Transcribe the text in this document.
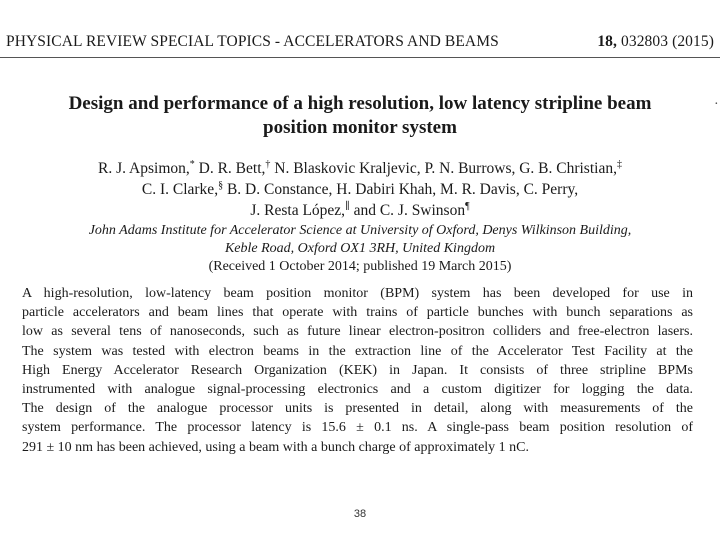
PHYSICAL REVIEW SPECIAL TOPICS - ACCELERATORS AND BEAMS	18, 032803 (2015)
·
Design and performance of a high resolution, low latency stripline beam
position monitor system
R. J. Apsimon,* D. R. Bett,† N. Blaskovic Kraljevic, P. N. Burrows, G. B. Christian,‡
C. I. Clarke,§ B. D. Constance, H. Dabiri Khah, M. R. Davis, C. Perry,
J. Resta López,∥ and C. J. Swinson¶
John Adams Institute for Accelerator Science at University of Oxford, Denys Wilkinson Building,
Keble Road, Oxford OX1 3RH, United Kingdom
(Received 1 October 2014; published 19 March 2015)
A high-resolution, low-latency beam position monitor (BPM) system has been developed for use in
particle accelerators and beam lines that operate with trains of particle bunches with bunch separations as
low as several tens of nanoseconds, such as future linear electron-positron colliders and free-electron lasers.
The system was tested with electron beams in the extraction line of the Accelerator Test Facility at the
High Energy Accelerator Research Organization (KEK) in Japan. It consists of three stripline BPMs
instrumented with analogue signal-processing electronics and a custom digitizer for logging the data.
The design of the analogue processor units is presented in detail, along with measurements of the
system performance. The processor latency is 15.6 ± 0.1 ns. A single-pass beam position resolution of
291 ± 10 nm has been achieved, using a beam with a bunch charge of approximately 1 nC.
38
